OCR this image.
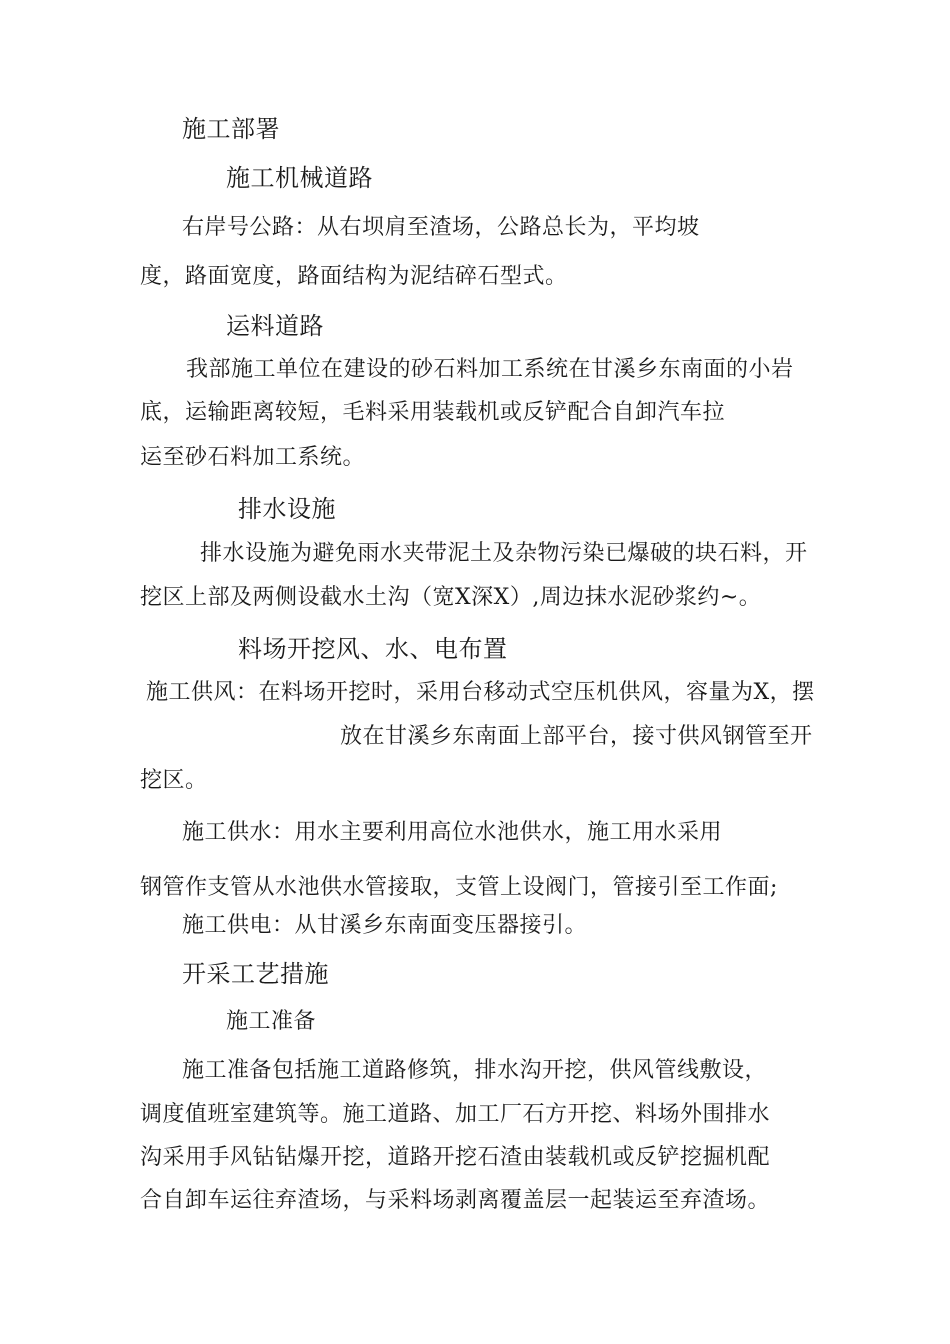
施工部署
施工机械道路
右岸号公路：从右坝肩至渣场，公路总长为，平均坡
度，路面宽度，路面结构为泥结碎石型式。
运料道路
我部施工单位在建设的砂石料加工系统在甘溪乡东南面的小岩
底，运输距离较短，毛料采用装载机或反铲配合自卸汽车拉
运至砂石料加工系统。
排水设施
排水设施为避免雨水夹带泥土及杂物污染已爆破的块石料，开
挖区上部及两侧设截水土沟（宽X深X）,周边抹水泥砂浆约~。
料场开挖风、水、电布置
施工供风：在料场开挖时，采用台移动式空压机供风，容量为X，摆
放在甘溪乡东南面上部平台，接寸供风钢管至开
挖区。
施工供水：用水主要利用高位水池供水，施工用水采用
钢管作支管从水池供水管接取，支管上设阀门，管接引至工作面;
施工供电：从甘溪乡东南面变压器接引。
开采工艺措施
施工准备
施工准备包括施工道路修筑，排水沟开挖，供风管线敷设，
调度值班室建筑等。施工道路、加工厂石方开挖、料场外围排水
沟采用手风钻钻爆开挖，道路开挖石渣由装载机或反铲挖掘机配
合自卸车运往弃渣场，与采料场剥离覆盖层一起装运至弃渣场。
